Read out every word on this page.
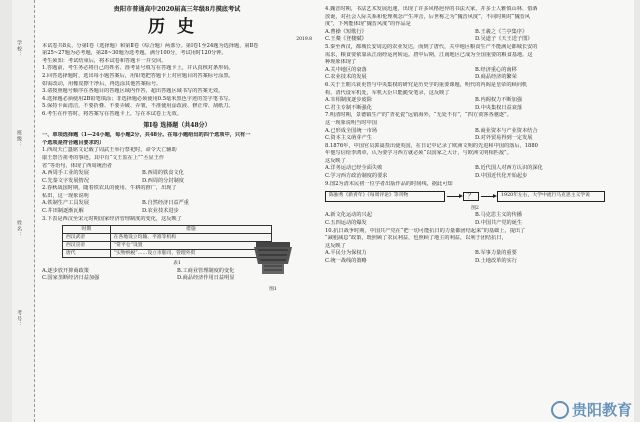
学校：
班级：
姓名：
考号：
贵阳市普通高中2020届高三年级8月摸底考试
历史
2019.8

本试卷共8页，分第Ⅰ卷（选择题）和第Ⅱ卷（综合题）两部分。第Ⅰ卷1至24题为选择题，第Ⅱ卷

第25~27题为必考题，第28~30题为选考题。满分100分，考试用时120分钟。

考生须知：考试结束后，将本试卷和答题卡一并交回。

1.答题前，考生务必将自己的姓名、准考证号填写在答题卡上，并认真核对条形码。

2.回答选择题时，选出每小题答案后，用铅笔把答题卡上对应题目的答案标号涂黑。

如需改动，用橡皮擦干净后，再选涂其他答案标号。

3.请按照题号顺序在各题目的答题区域内作答，超出答题区域书写的答案无效。

4.选择题必须使用2B铅笔填涂；非选择题必须使用0.5毫米黑色字迹的签字笔书写。

5.保持卡面清洁，不要折叠、不要弄破、弄皱，不准使用涂改液、修正带、刮纸刀。

6.考生在作答时，将答案写在答题卡上，写在本试卷上无效。

第Ⅰ卷 选择题（共48分）

一、单项选择题（1—24小题，每小题2分，共48分。在每小题给出的四个选项中，只有一

个选项是符合题目要求的）

1.西周天亡簋铭文记载了周武王举行祭祀时，命令天亡辅助

康王祭告祖考的事迹。其中有“文王监在上”“丕显王作

省”等语句，体现了西周统治者

A.西周手工业的发展	B.西周的铁食文化
C.先秦文字发展情况	D.西周的分封制度

2.春秋战国时期，随着铁农具的使用、牛耕的推广，出现了

私田，这一现象说明

A.铁制生产工具发展	B.自然经济日益严重
C.井田制逐渐瓦解	D.农业技术进步

3.下表是西汉至宋元时期国家经济管理制度的变化，这反映了

时期	措施
西汉武帝	在各地设立均输、平准等机构
西汉宣帝	“常平仓”设置
唐代	“实物纳税”……设立市舶司，管理外贸
表1
A.逐步放开抑商政策	B.工商业管理制度的变化
C.国家垄断经济日益加强	D.商品经济作用日益明显
图1

4.魏晋时期，书法艺术发展迅速，出现了许多风格迥异的书法大家，并多士人雅慎山林、借酒

放诞，对社会人际关系和伦理观念产生冲击，后世称之为“魏晋风度”，不同时期对“魏晋风

度”，下列能体现“魏晋风度”的作品是

A.曹操《短歌行》	B.王羲之《兰亭集序》
C.王粲《登楼赋》	D.吴道子《天王送子图》

5.秦至西汉，都城长安周边的农业发达，而到了唐代，关中地区粮食生产不能满足都城长安的

需求，粮食要依靠从江南经运河转运。唐中后期，江南地区已成为全国重要的粮食基地。这

种现象体现了

A.关中地区的衰落	B.经济重心的南移
C.农业技术的发展	D.商品经济的繁荣

6.关于王朝兴衰更替与中央集权的研究是历史学的重要课题，明代的内阁是皇帝的顾问机

构，清代设军机处，军机大臣只能跪受笔录，这反映了

A.宰相制度逐步废除	B.内阁权力不断加强
C.君主专制不断强化	D.中央集权日益衰落

7.明清时期，景德镇生产的“青花瓷”远销海外，“无处不有”，“四方贾客各驰逐”。

这一现象说明当时中国

A.已形成全国统一市场	B.商业资本与产业资本结合
C.资本主义萌芽产生	D.对外贸易得到一定发展

8.1876年，中国官员郭嵩焘出使英国，在日记中记录了欧洲文明的先进和中国的落后，1880

年他写信给李鸿章，认为要学习西方就必须“以国家之大计，与欧洲文明相匹敌”。

这反映了

A.洋务运动已经全面失败	B.近代国人对西方认识的深化
C.学习西方政治制度的要求	D.中国近代化开始起步

9.图2为清末民初一位学者出版作品的时间线，据此可知

陈独秀《新青年》《每周评论》等刊物	？	1920年左右，大学中流行马克思主义学说
图2
A.新文化运动的兴起	B.马克思主义的传播
C.五四运动的爆发	D.中国共产党的诞生

10.抗日战争时期，中国共产党在“把一切可能抗日的力量都团结起来”的基础上，提出了

“减租减息”政策，既照顾了农民利益，也照顾了地主的利益，以利于团结抗日，

这反映了

A.平民分为保权力	B.军事力量的重要
C.统一战线的策略	D.土地改革的实行
贵阳教育
